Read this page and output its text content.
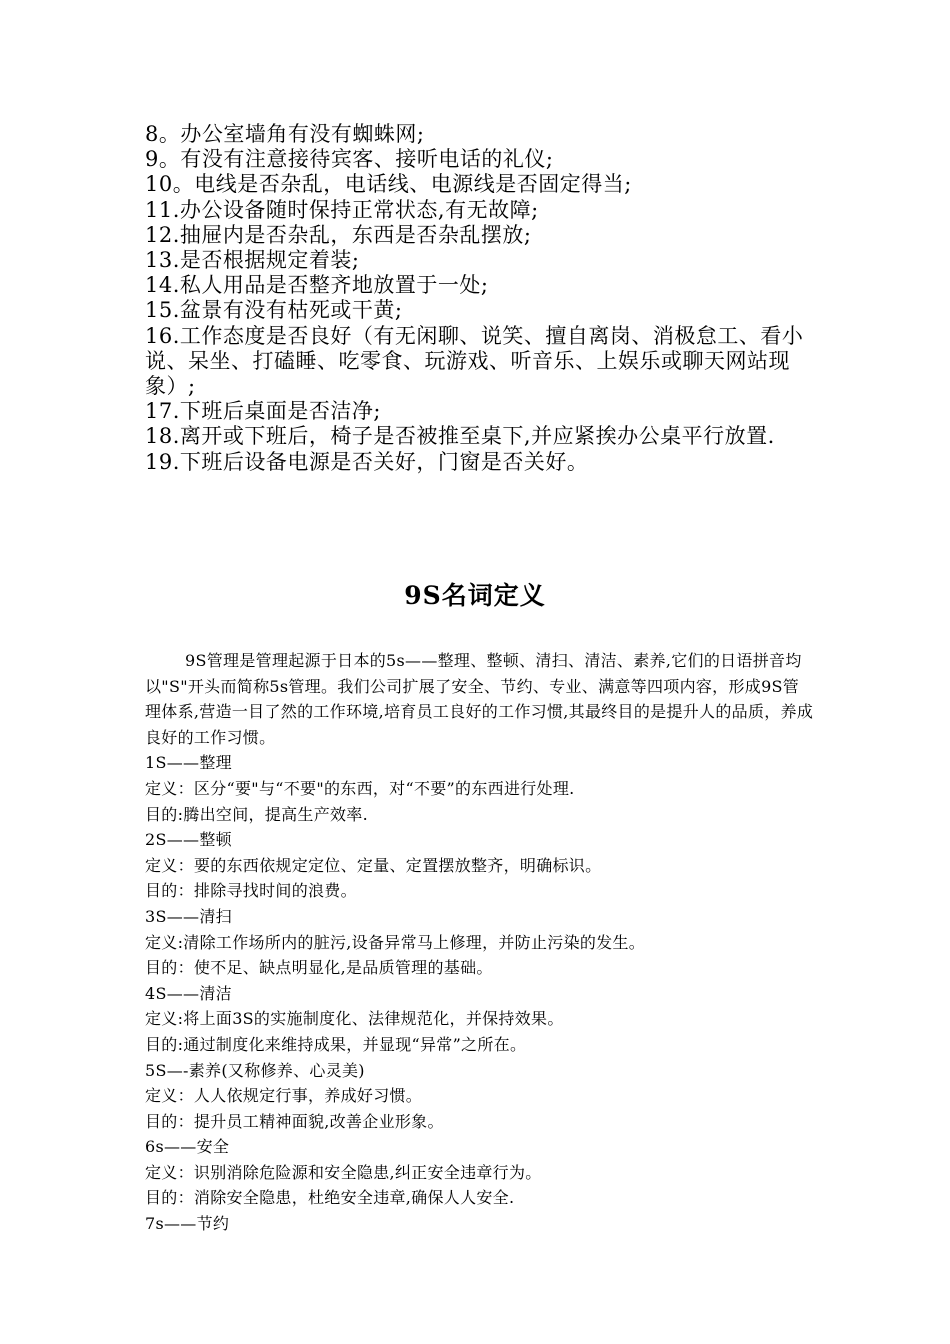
8。办公室墙角有没有蜘蛛网;
9。有没有注意接待宾客、接听电话的礼仪;
10。电线是否杂乱，电话线、电源线是否固定得当;
11.办公设备随时保持正常状态,有无故障;
12.抽屉内是否杂乱，东西是否杂乱摆放;
13.是否根据规定着装;
14.私人用品是否整齐地放置于一处;
15.盆景有没有枯死或干黄;
16.工作态度是否良好（有无闲聊、说笑、擅自离岗、消极怠工、看小说、呆坐、打磕睡、吃零食、玩游戏、听音乐、上娱乐或聊天网站现象）;
17.下班后桌面是否洁净;
18.离开或下班后，椅子是否被推至桌下,并应紧挨办公桌平行放置.
19.下班后设备电源是否关好，门窗是否关好。
9S名词定义

9S管理是管理起源于日本的5s——整理、整顿、清扫、清洁、素养,它们的日语拼音均以"S"开头而简称5s管理。我们公司扩展了安全、节约、专业、满意等四项内容，形成9S管理体系,营造一目了然的工作环境,培育员工良好的工作习惯,其最终目的是提升人的品质，养成良好的工作习惯。

1S——整理

定义：区分“要"与“不要"的东西，对“不要”的东西进行处理.

目的:腾出空间，提高生产效率.

2S——整顿

定义：要的东西依规定定位、定量、定置摆放整齐，明确标识。

目的：排除寻找时间的浪费。

3S——清扫

定义:清除工作场所内的脏污,设备异常马上修理，并防止污染的发生。

目的：使不足、缺点明显化,是品质管理的基础。

4S——清洁

定义:将上面3S的实施制度化、法律规范化，并保持效果。

目的:通过制度化来维持成果，并显现“异常”之所在。

5S—-素养(又称修养、心灵美)

定义：人人依规定行事，养成好习惯。

目的：提升员工精神面貌,改善企业形象。

6s——安全

定义：识别消除危险源和安全隐患,纠正安全违章行为。

目的：消除安全隐患，杜绝安全违章,确保人人安全.

7s——节约
